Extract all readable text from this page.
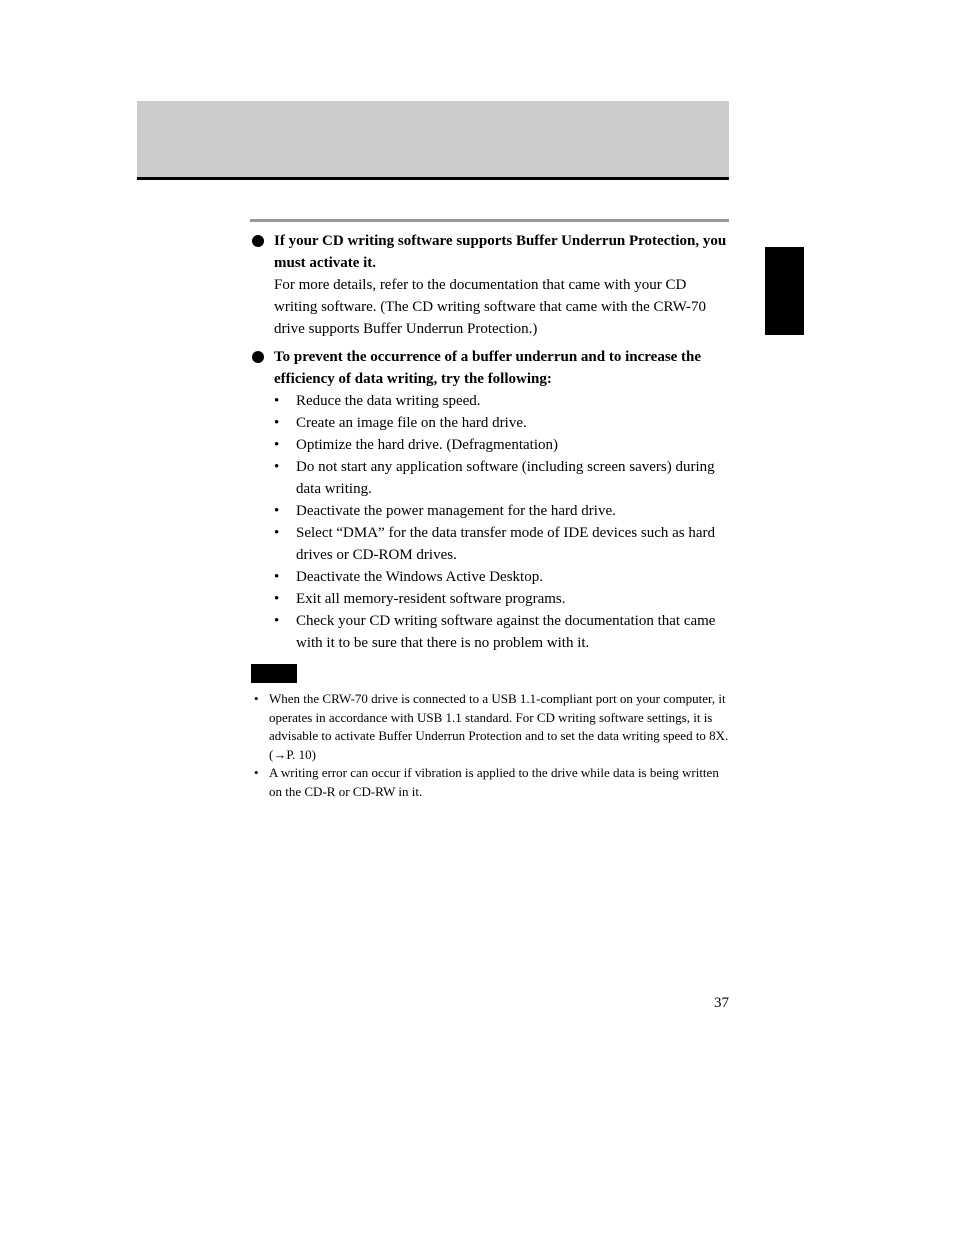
If your CD writing software supports Buffer Underrun Protection, you must activate it.
For more details, refer to the documentation that came with your CD writing software. (The CD writing software that came with the CRW-70 drive supports Buffer Underrun Protection.)
To prevent the occurrence of a buffer underrun and to increase the efficiency of data writing, try the following:
• Reduce the data writing speed.
• Create an image file on the hard drive.
• Optimize the hard drive. (Defragmentation)
• Do not start any application software (including screen savers) during data writing.
• Deactivate the power management for the hard drive.
• Select “DMA” for the data transfer mode of IDE devices such as hard drives or CD-ROM drives.
• Deactivate the Windows Active Desktop.
• Exit all memory-resident software programs.
• Check your CD writing software against the documentation that came with it to be sure that there is no problem with it.
• When the CRW-70 drive is connected to a USB 1.1-compliant port on your computer, it operates in accordance with USB 1.1 standard. For CD writing software settings, it is advisable to activate Buffer Underrun Protection and to set the data writing speed to 8X. (→P. 10)
• A writing error can occur if vibration is applied to the drive while data is being written on the CD-R or CD-RW in it.
37
